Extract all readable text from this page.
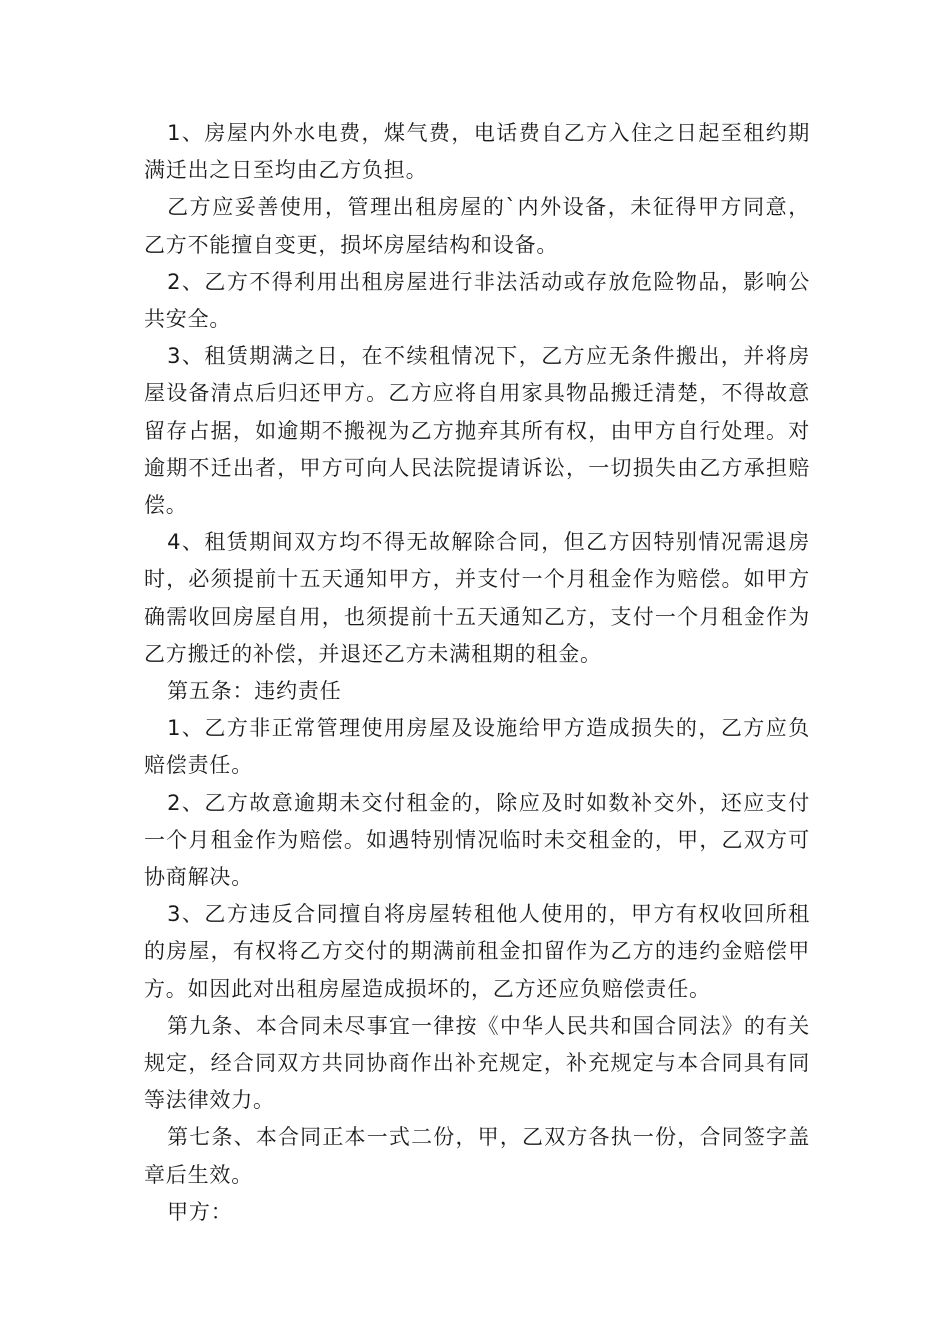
1、房屋内外水电费，煤气费，电话费自乙方入住之日起至租约期满迁出之日至均由乙方负担。

乙方应妥善使用，管理出租房屋的`内外设备，未征得甲方同意，乙方不能擅自变更，损坏房屋结构和设备。

2、乙方不得利用出租房屋进行非法活动或存放危险物品，影响公共安全。

3、租赁期满之日，在不续租情况下，乙方应无条件搬出，并将房屋设备清点后归还甲方。乙方应将自用家具物品搬迁清楚，不得故意留存占据，如逾期不搬视为乙方抛弃其所有权，由甲方自行处理。对逾期不迁出者，甲方可向人民法院提请诉讼，一切损失由乙方承担赔偿。

4、租赁期间双方均不得无故解除合同，但乙方因特别情况需退房时，必须提前十五天通知甲方，并支付一个月租金作为赔偿。如甲方确需收回房屋自用，也须提前十五天通知乙方，支付一个月租金作为乙方搬迁的补偿，并退还乙方未满租期的租金。

第五条：违约责任

1、乙方非正常管理使用房屋及设施给甲方造成损失的，乙方应负赔偿责任。

2、乙方故意逾期未交付租金的，除应及时如数补交外，还应支付一个月租金作为赔偿。如遇特别情况临时未交租金的，甲，乙双方可协商解决。

3、乙方违反合同擅自将房屋转租他人使用的，甲方有权收回所租的房屋，有权将乙方交付的期满前租金扣留作为乙方的违约金赔偿甲方。如因此对出租房屋造成损坏的，乙方还应负赔偿责任。

第九条、本合同未尽事宜一律按《中华人民共和国合同法》的有关规定，经合同双方共同协商作出补充规定，补充规定与本合同具有同等法律效力。

第七条、本合同正本一式二份，甲，乙双方各执一份，合同签字盖章后生效。

甲方：
